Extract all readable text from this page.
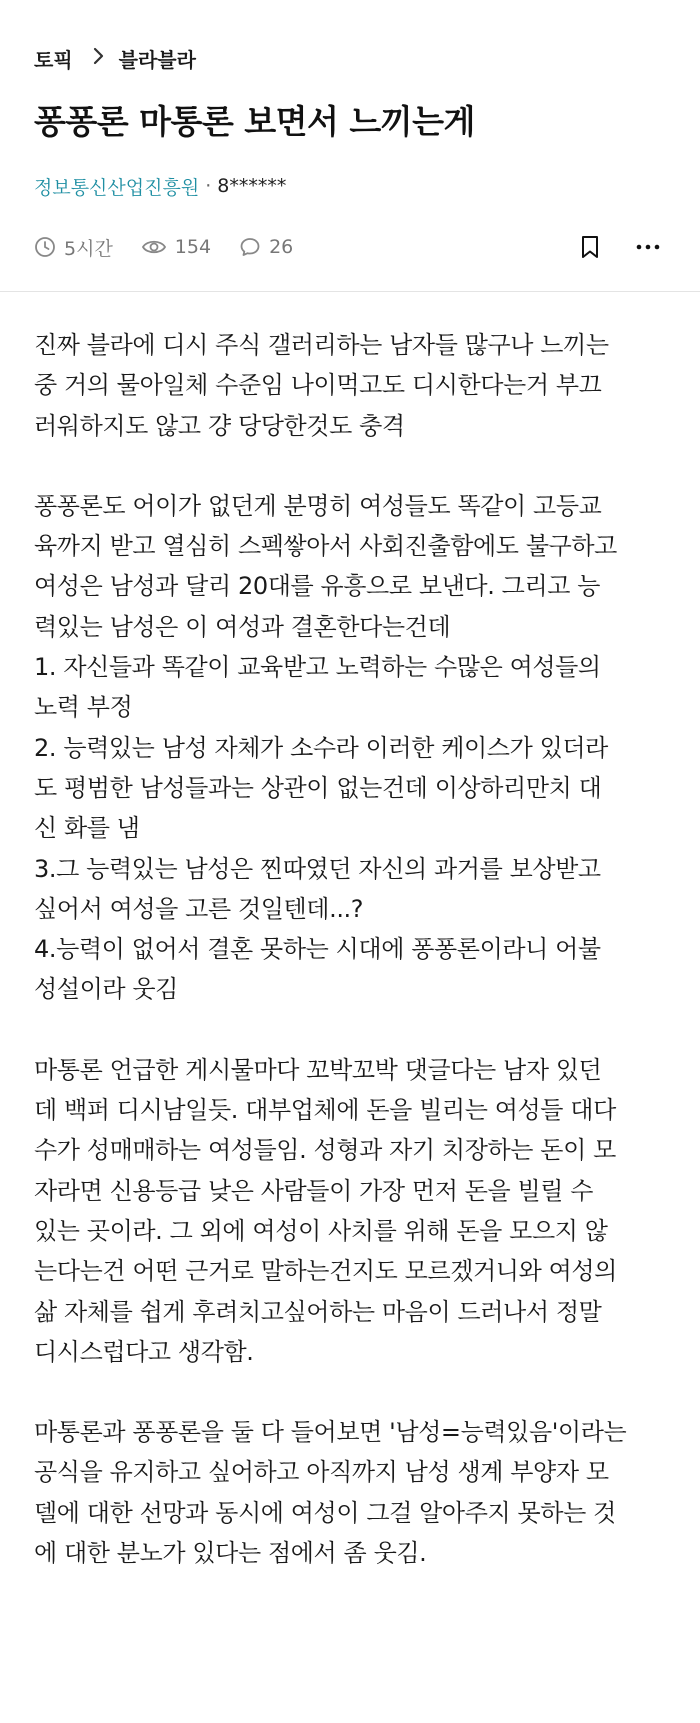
토픽 블라블라
퐁퐁론 마통론 보면서 느끼는게
정보통신산업진흥원 · 8******
5시간	154	26

진짜 블라에 디시 주식 갤러리하는 남자들 많구나 느끼는
중 거의 물아일체 수준임 나이먹고도 디시한다는거 부끄
러워하지도 않고 걍 당당한것도 충격

퐁퐁론도 어이가 없던게 분명히 여성들도 똑같이 고등교
육까지 받고 열심히 스펙쌓아서 사회진출함에도 불구하고
여성은 남성과 달리 20대를 유흥으로 보낸다. 그리고 능
력있는 남성은 이 여성과 결혼한다는건데
1. 자신들과 똑같이 교육받고 노력하는 수많은 여성들의
노력 부정
2. 능력있는 남성 자체가 소수라 이러한 케이스가 있더라
도 평범한 남성들과는 상관이 없는건데 이상하리만치 대
신 화를 냄
3.그 능력있는 남성은 찐따였던 자신의 과거를 보상받고
싶어서 여성을 고른 것일텐데...?
4.능력이 없어서 결혼 못하는 시대에 퐁퐁론이라니 어불
성설이라 웃김

마통론 언급한 게시물마다 꼬박꼬박 댓글다는 남자 있던
데 백퍼 디시남일듯. 대부업체에 돈을 빌리는 여성들 대다
수가 성매매하는 여성들임. 성형과 자기 치장하는 돈이 모
자라면 신용등급 낮은 사람들이 가장 먼저 돈을 빌릴 수
있는 곳이라. 그 외에 여성이 사치를 위해 돈을 모으지 않
는다는건 어떤 근거로 말하는건지도 모르겠거니와 여성의
삶 자체를 쉽게 후려치고싶어하는 마음이 드러나서 정말
디시스럽다고 생각함.

마통론과 퐁퐁론을 둘 다 들어보면 '남성=능력있음'이라는
공식을 유지하고 싶어하고 아직까지 남성 생계 부양자 모
델에 대한 선망과 동시에 여성이 그걸 알아주지 못하는 것
에 대한 분노가 있다는 점에서 좀 웃김.
